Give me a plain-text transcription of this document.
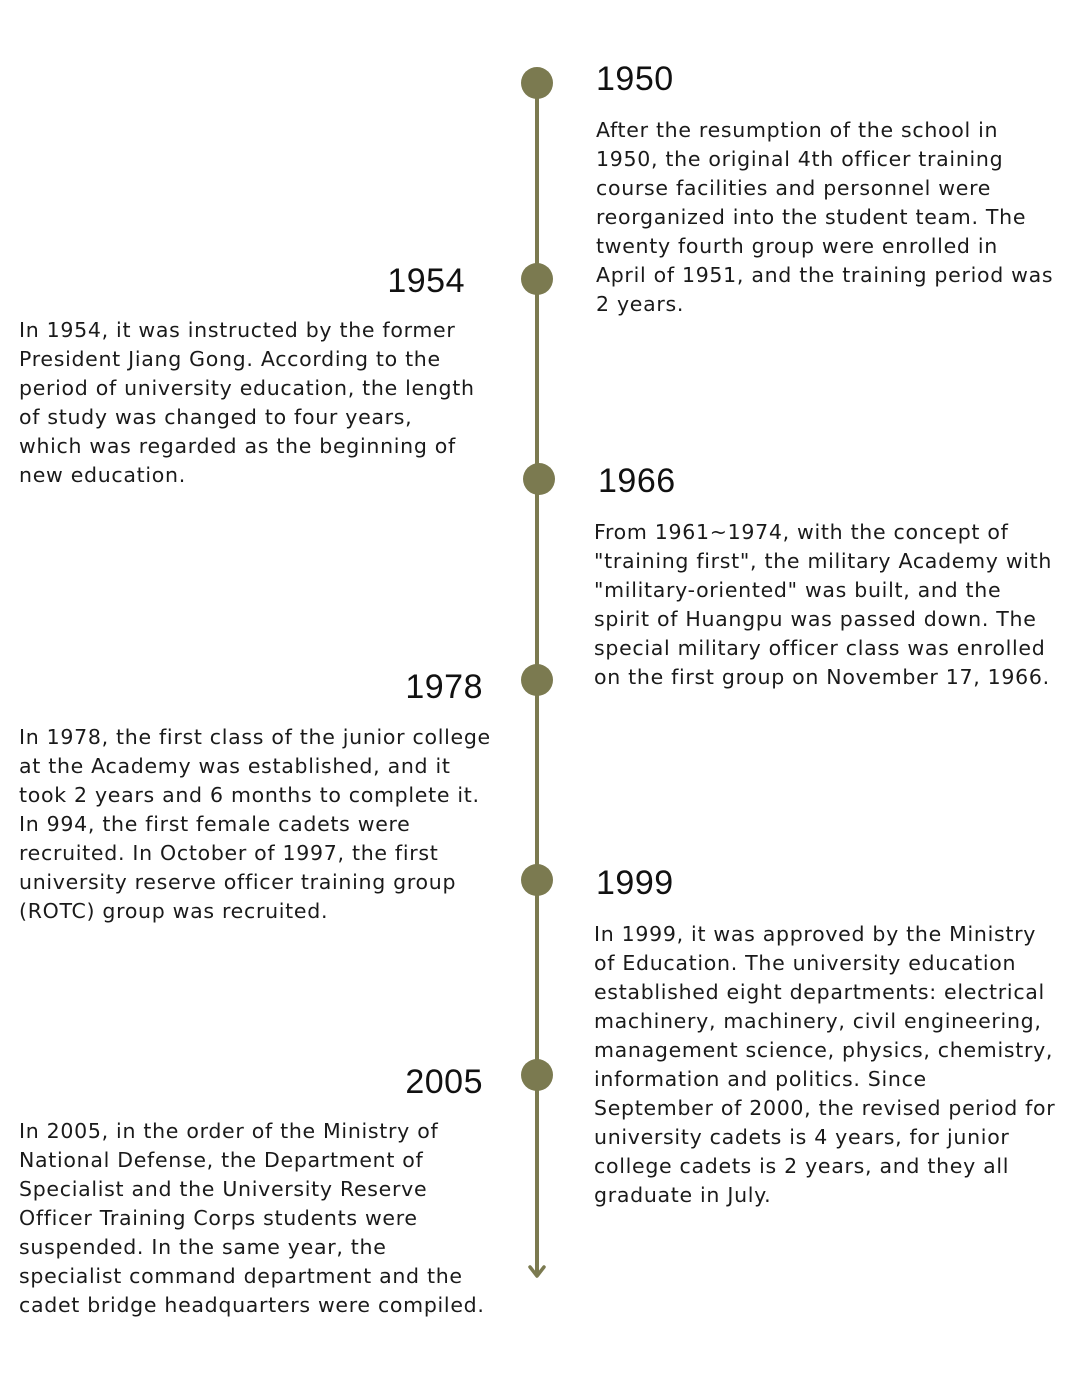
1950

After the resumption of the school in
1950, the original 4th officer training
course facilities and personnel were
reorganized into the student team. The
twenty fourth group were enrolled in
April of 1951, and the training period was
2 years.

1954

In 1954, it was instructed by the former
President Jiang Gong. According to the
period of university education, the length
of study was changed to four years,
which was regarded as the beginning of
new education.	1966

From 1961~1974, with the concept of
"training first", the military Academy with
"military-oriented" was built, and the
spirit of Huangpu was passed down. The
special military officer class was enrolled
on the first group on November 17, 1966.

1978

In 1978, the first class of the junior college
at the Academy was established, and it
took 2 years and 6 months to complete it.
In 994, the first female cadets were
recruited. In October of 1997, the first
university reserve officer training group
(ROTC) group was recruited.

1999

In 1999, it was approved by the Ministry
of Education. The university education
established eight departments: electrical
machinery, machinery, civil engineering,
management science, physics, chemistry,
information and politics. Since
September of 2000, the revised period for
university cadets is 4 years, for junior
college cadets is 2 years, and they all
graduate in July.

2005

In 2005, in the order of the Ministry of
National Defense, the Department of
Specialist and the University Reserve
Officer Training Corps students were
suspended. In the same year, the
specialist command department and the
cadet bridge headquarters were compiled.
